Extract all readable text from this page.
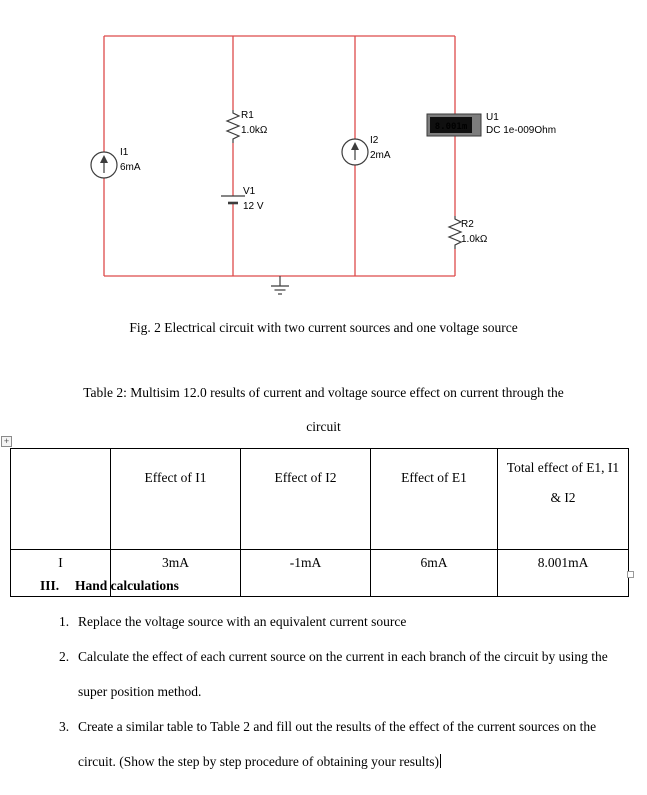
8.001m
I1
6mA
R1
1.0kΩ
V1
12 V
I2
2mA
U1
DC 1e-009Ohm
R2
1.0kΩ
Fig. 2 Electrical circuit with two current sources and one voltage source
Table 2: Multisim 12.0 results of current and voltage source effect on current through the
circuit
+
	Effect of I1	Effect of I2	Effect of E1	Total effect of E1, I1 & I2
I	3mA	-1mA	6mA	8.001mA
III. Hand calculations
1. Replace the voltage source with an equivalent current source
2. Calculate the effect of each current source on the current in each branch of the circuit by using the super position method.
3. Create a similar table to Table 2 and fill out the results of the effect of the current sources on the circuit. (Show the step by step procedure of obtaining your results)
